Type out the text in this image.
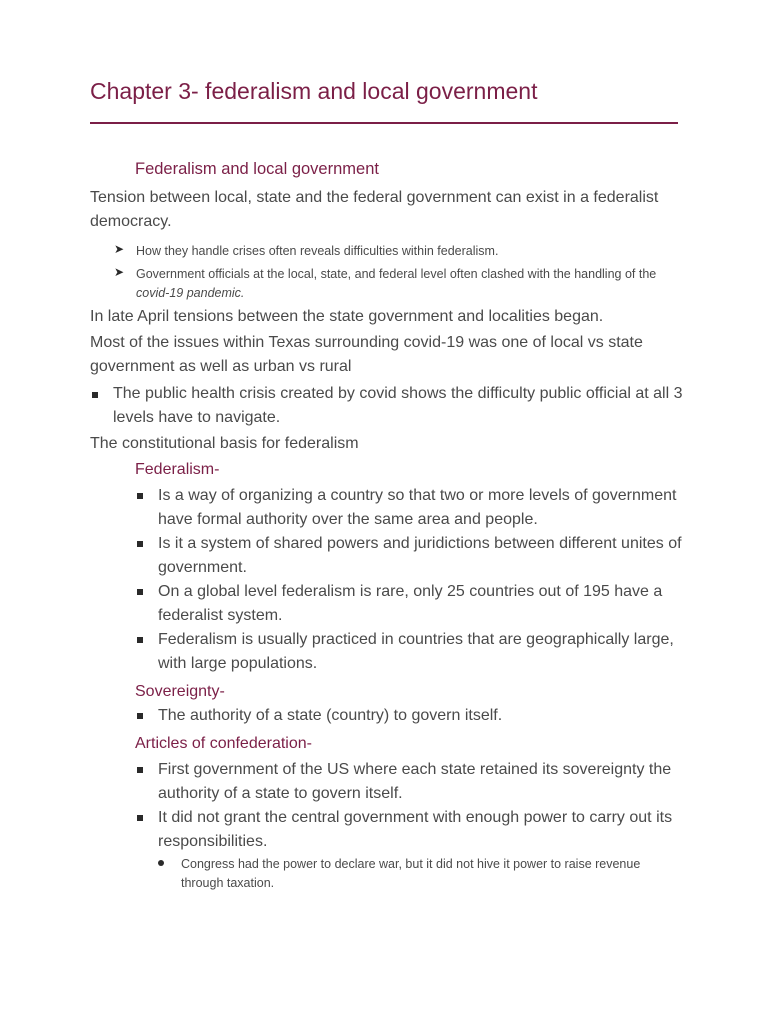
Chapter 3- federalism and local government
Federalism and local government
Tension between local, state and the federal government can exist in a federalist democracy.
➤ How they handle crises often reveals difficulties within federalism.
➤ Government officials at the local, state, and federal level often clashed with the handling of the
covid-19 pandemic.
In late April tensions between the state government and localities began.
Most of the issues within Texas surrounding covid-19 was one of local vs state government as well as urban vs rural
The public health crisis created by covid shows the difficulty public official at all 3 levels have to navigate.
The constitutional basis for federalism
Federalism-
Is a way of organizing a country so that two or more levels of government have formal authority over the same area and people.
Is it a system of shared powers and juridictions between different unites of government.
On a global level federalism is rare, only 25 countries out of 195 have a federalist system.
Federalism is usually practiced in countries that are geographically large, with large populations.
Sovereignty-
The authority of a state (country) to govern itself.
Articles of confederation-
First government of the US where each state retained its sovereignty the authority of a state to govern itself.
It did not grant the central government with enough power to carry out its responsibilities.
Congress had the power to declare war, but it did not hive it power to raise revenue through taxation.
